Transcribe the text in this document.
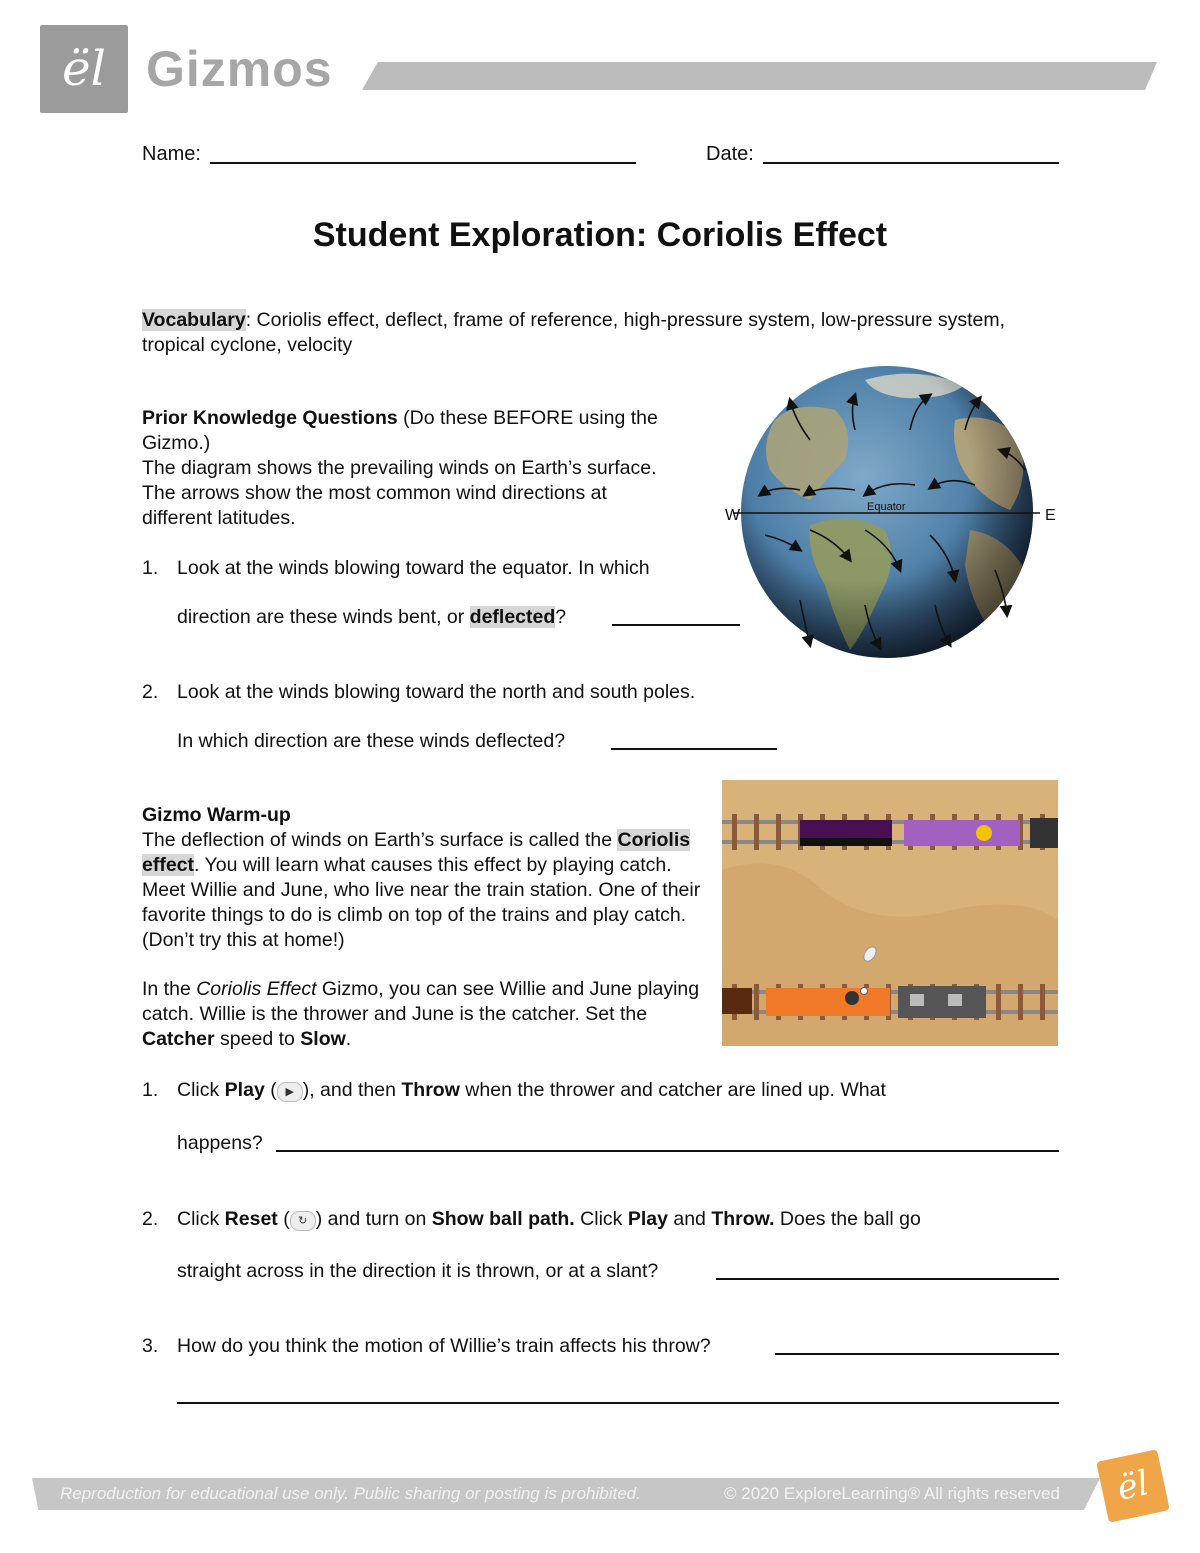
ël Gizmos
Name:	Date:
Student Exploration: Coriolis Effect

Vocabulary: Coriolis effect, deflect, frame of reference, high-pressure system, low-pressure system, tropical cyclone, velocity

Prior Knowledge Questions (Do these BEFORE using the Gizmo.)

The diagram shows the prevailing winds on Earth’s surface. The arrows show the most common wind directions at different latitudes.

1. Look at the winds blowing toward the equator. In which
direction are these winds bent, or deflected?
2. Look at the winds blowing toward the north and south poles.
In which direction are these winds deflected?
W	E
Equator

Gizmo Warm-up

The deflection of winds on Earth’s surface is called the Coriolis effect. You will learn what causes this effect by playing catch. Meet Willie and June, who live near the train station. One of their favorite things to do is climb on top of the trains and play catch. (Don’t try this at home!)

In the Coriolis Effect Gizmo, you can see Willie and June playing catch. Willie is the thrower and June is the catcher. Set the Catcher speed to Slow.

1. Click Play ( ▶ ), and then Throw when the thrower and catcher are lined up. What
happens?
2. Click Reset ( ↻ ) and turn on Show ball path. Click Play and Throw. Does the ball go
straight across in the direction it is thrown, or at a slant?
3. How do you think the motion of Willie’s train affects his throw?
Reproduction for educational use only. Public sharing or posting is prohibited.	© 2020 ExploreLearning® All rights reserved	ël
